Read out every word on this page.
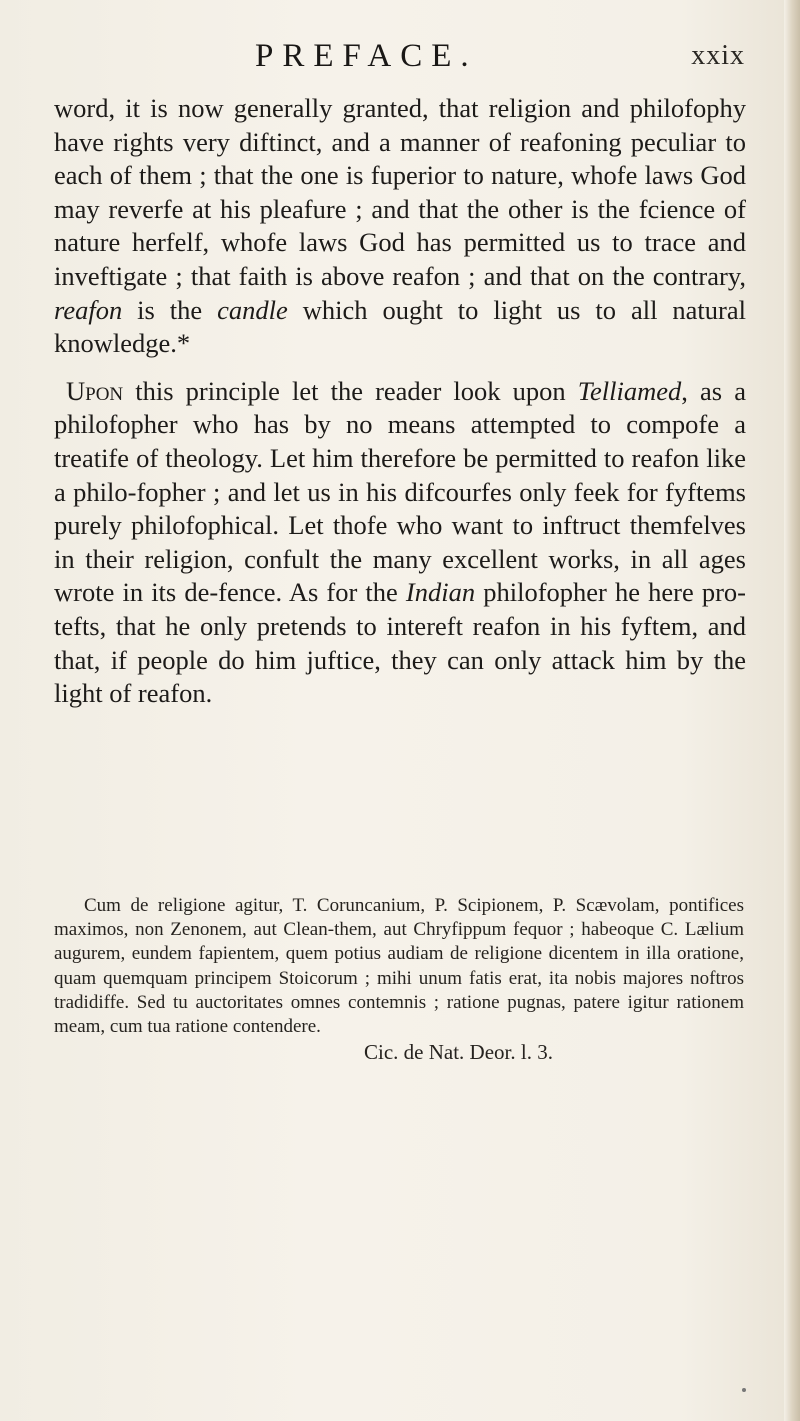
PREFACE.	xxix

word, it is now generally granted, that religion and philofophy have rights very diftinct, and a manner of reafoning peculiar to each of them ; that the one is fuperior to nature, whofe laws God may reverfe at his pleafure ; and that the other is the fcience of nature herfelf, whofe laws God has permitted us to trace and inveftigate ; that faith is above reafon ; and that on the contrary, reafon is the candle which ought to light us to all natural knowledge.*

Upon this principle let the reader look upon Telliamed, as a philofopher who has by no means attempted to compofe a treatife of theology. Let him therefore be permitted to reafon like a philo-fopher ; and let us in his difcourfes only feek for fyftems purely philofophical. Let thofe who want to inftruct themfelves in their religion, confult the many excellent works, in all ages wrote in its de-fence. As for the Indian philofopher he here pro-tefts, that he only pretends to intereft reafon in his fyftem, and that, if people do him juftice, they can only attack him by the light of reafon.

Cum de religione agitur, T. Coruncanium, P. Scipionem, P. Scævolam, pontifices maximos, non Zenonem, aut Clean-them, aut Chryfippum fequor ; habeoque C. Lælium augurem, eundem fapientem, quem potius audiam de religione dicentem in illa oratione, quam quemquam principem Stoicorum ; mihi unum fatis erat, ita nobis majores noftros tradidiffe. Sed tu auctoritates omnes contemnis ; ratione pugnas, patere igitur rationem meam, cum tua ratione contendere.

Cic. de Nat. Deor. l. 3.
